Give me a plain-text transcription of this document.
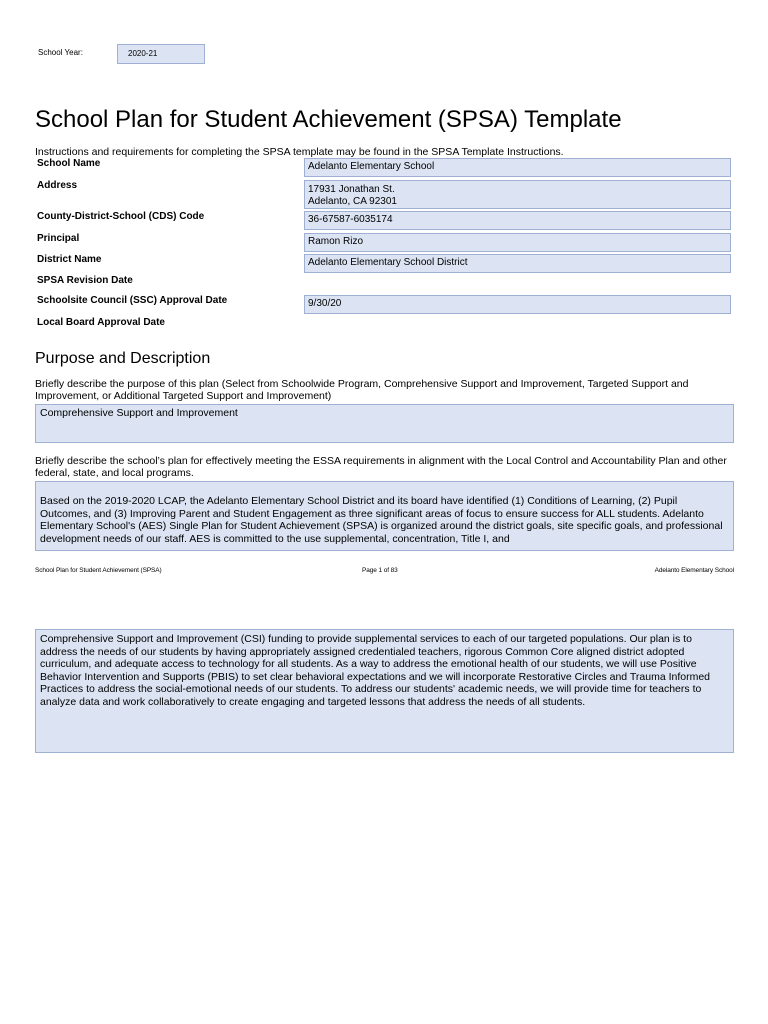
School Year:	2020-21
School Plan for Student Achievement (SPSA) Template
Instructions and requirements for completing the SPSA template may be found in the SPSA Template Instructions.
School Name	Adelanto Elementary School
Address	17931 Jonathan St.
Adelanto, CA 92301
County-District-School (CDS) Code	36-67587-6035174
Principal	Ramon Rizo
District Name	Adelanto Elementary School District
SPSA Revision Date
Schoolsite Council (SSC) Approval Date	9/30/20
Local Board Approval Date
Purpose and Description
Briefly describe the purpose of this plan (Select from Schoolwide Program, Comprehensive Support and Improvement, Targeted Support and Improvement, or Additional Targeted Support and Improvement)
Comprehensive Support and Improvement
Briefly describe the school’s plan for effectively meeting the ESSA requirements in alignment with the Local Control and Accountability Plan and other federal, state, and local programs.
Based on the 2019-2020 LCAP, the Adelanto Elementary School District and its board have identified (1) Conditions of Learning, (2) Pupil Outcomes, and (3) Improving Parent and Student Engagement as three significant areas of focus to ensure success for ALL students. Adelanto Elementary School's (AES) Single Plan for Student Achievement (SPSA) is organized around the district goals, site specific goals, and professional development needs of our staff. AES is committed to the use supplemental, concentration, Title I, and
School Plan for Student Achievement (SPSA)	Page 1 of 83	Adelanto Elementary School
Comprehensive Support and Improvement (CSI) funding to provide supplemental services to each of our targeted populations. Our plan is to address the needs of our students by having appropriately assigned credentialed teachers, rigorous Common Core aligned district adopted curriculum, and adequate access to technology for all students. As a way to address the emotional health of our students, we will use Positive Behavior Intervention and Supports (PBIS) to set clear behavioral expectations and we will incorporate Restorative Circles and Trauma Informed Practices to address the social-emotional needs of our students. To address our students' academic needs, we will provide time for teachers to analyze data and work collaboratively to create engaging and targeted lessons that address the needs of all students.
